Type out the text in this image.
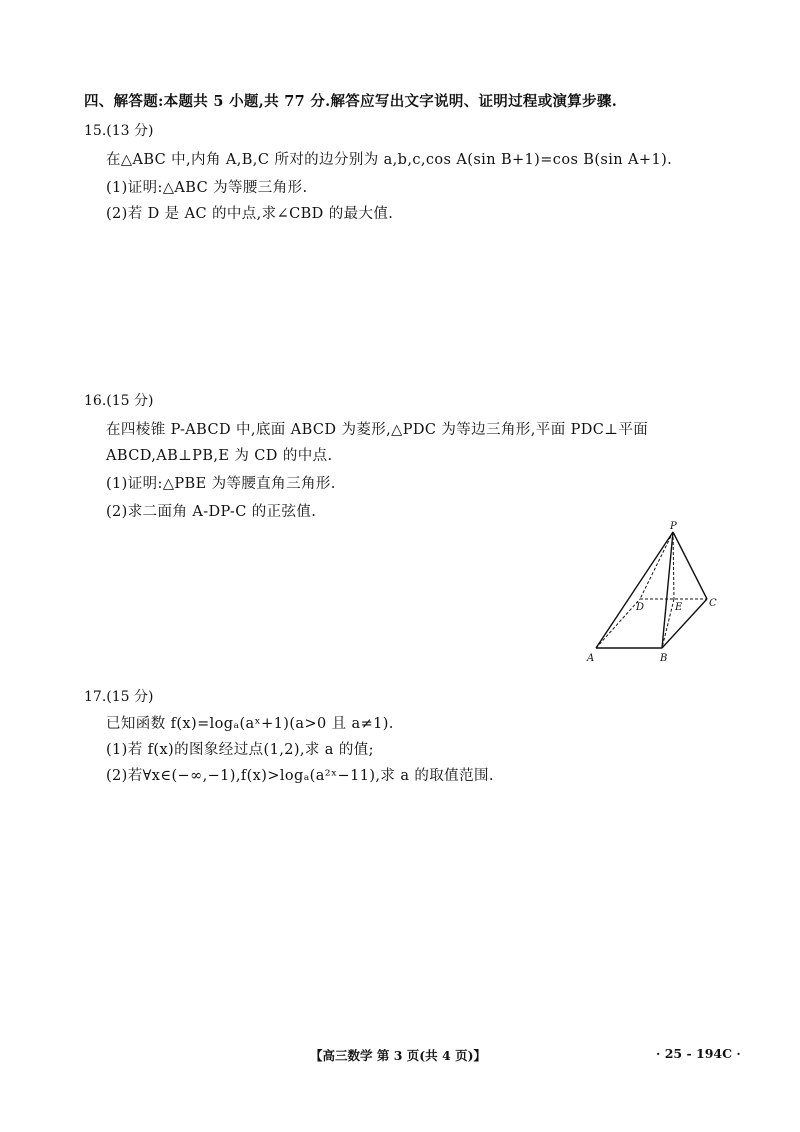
四、解答题:本题共 5 小题,共 77 分.解答应写出文字说明、证明过程或演算步骤.
15.(13 分)
在△ABC 中,内角 A,B,C 所对的边分别为 a,b,c,cos A(sin B+1)=cos B(sin A+1).
(1)证明:△ABC 为等腰三角形.
(2)若 D 是 AC 的中点,求∠CBD 的最大值.
16.(15 分)
在四棱锥 P-ABCD 中,底面 ABCD 为菱形,△PDC 为等边三角形,平面 PDC⊥平面
ABCD,AB⊥PB,E 为 CD 的中点.
(1)证明:△PBE 为等腰直角三角形.
(2)求二面角 A-DP-C 的正弦值.
P
D	E	C
A	B
17.(15 分)
已知函数 f(x)=logₐ(aˣ+1)(a>0 且 a≠1).
(1)若 f(x)的图象经过点(1,2),求 a 的值;
(2)若∀x∈(−∞,−1),f(x)>logₐ(a²ˣ−11),求 a 的取值范围.
【高三数学 第 3 页(共 4 页)】	· 25 - 194C ·
